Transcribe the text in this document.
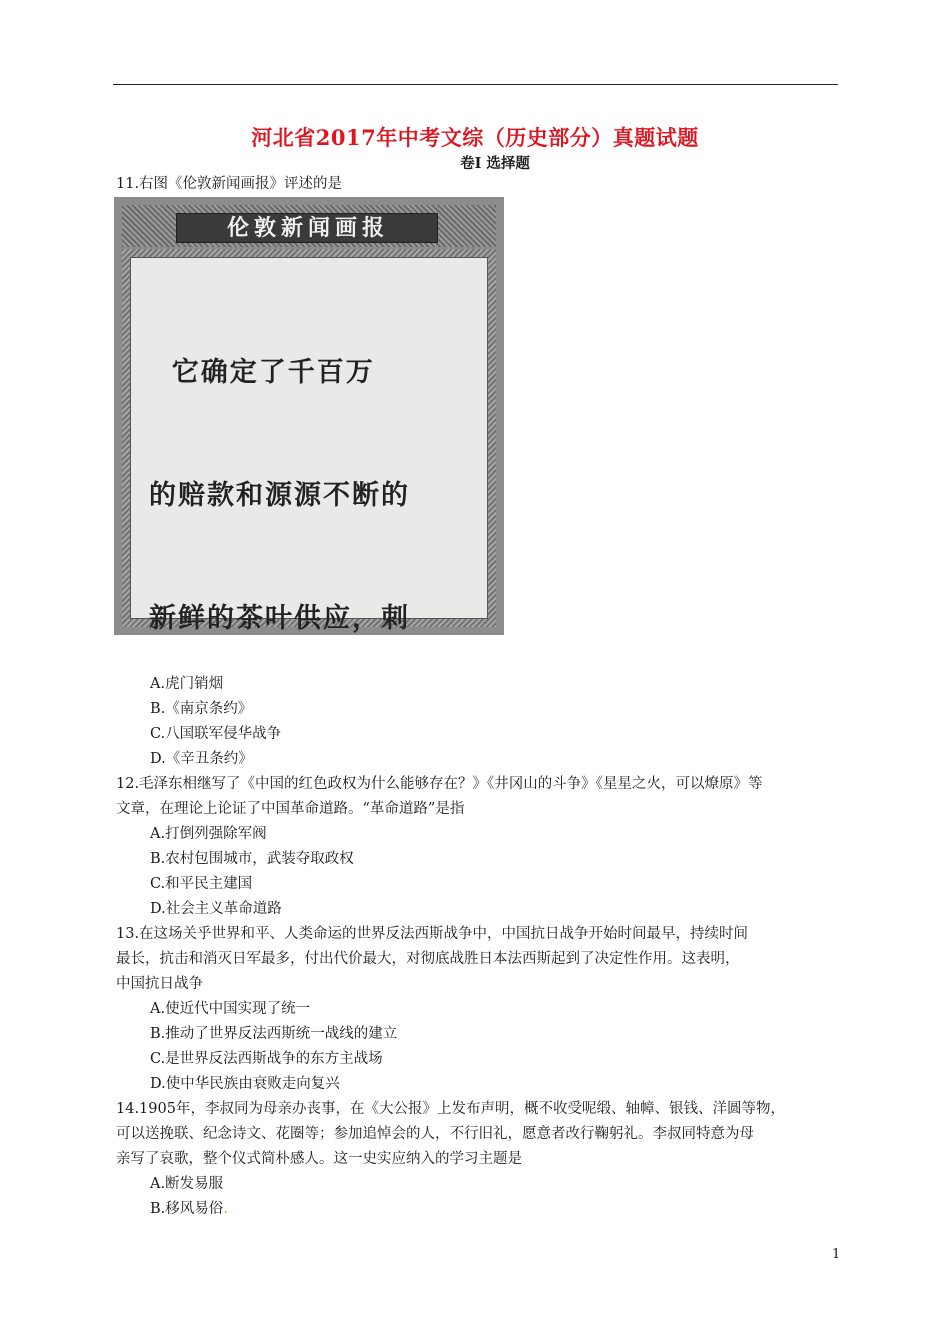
河北省2017年中考文综（历史部分）真题试题
卷Ⅰ 选择题
11.右图《伦敦新闻画报》评述的是
伦敦新闻画报

它确定了千百万

的赔款和源源不断的

新鲜的茶叶供应，刺

A.虎门销烟
B.《南京条约》
C.八国联军侵华战争
D.《辛丑条约》
12.毛泽东相继写了《中国的红色政权为什么能够存在？》《井冈山的斗争》《星星之火，可以燎原》等
文章，在理论上论证了中国革命道路。“革命道路”是指
A.打倒列强除军阀
B.农村包围城市，武装夺取政权
C.和平民主建国
D.社会主义革命道路
13.在这场关乎世界和平、人类命运的世界反法西斯战争中，中国抗日战争开始时间最早，持续时间
最长，抗击和消灭日军最多，付出代价最大，对彻底战胜日本法西斯起到了决定性作用。这表明，
中国抗日战争
A.使近代中国实现了统一
B.推动了世界反法西斯统一战线的建立
C.是世界反法西斯战争的东方主战场
D.使中华民族由衰败走向复兴
14.1905年，李叔同为母亲办丧事，在《大公报》上发布声明，概不收受呢缎、轴幛、银钱、洋圆等物，
可以送挽联、纪念诗文、花圈等；参加追悼会的人，不行旧礼，愿意者改行鞠躬礼。李叔同特意为母
亲写了哀歌，整个仪式简朴感人。这一史实应纳入的学习主题是
A.断发易服
B.移风易俗.
1
